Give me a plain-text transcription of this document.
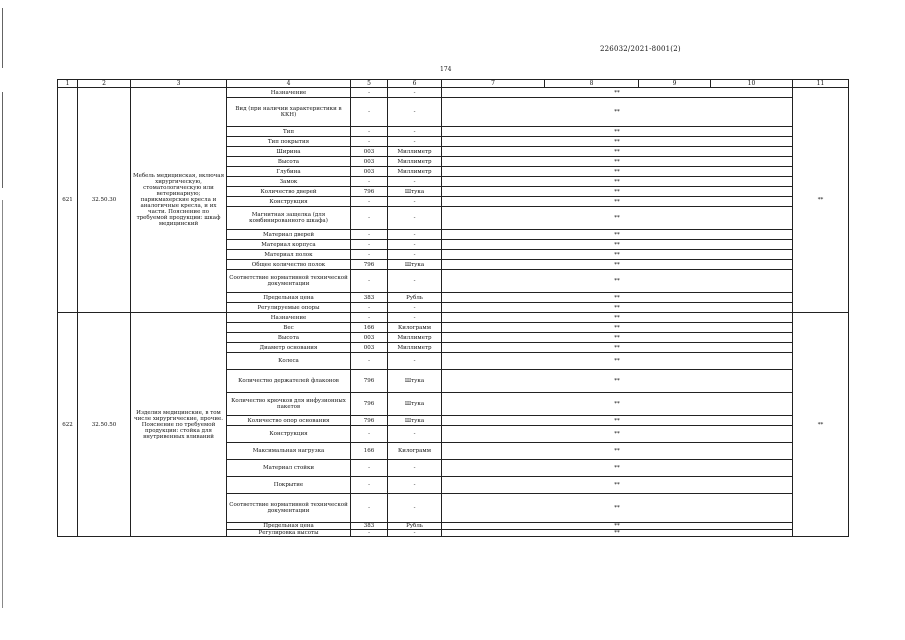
226032/2021-8001(2)
174
1	2	3	4	5	6	7	8	9	10	11
621	32.50.30	Мебель медицинская, включая хирургическую, стоматологическую или ветеринарную; парикмахерские кресла и аналогичные кресла, и их части. Пояснение по требуемой продукции: шкаф медицинский	Назначение	-	-	**				**
			Вид (при наличии характеристики в ККН)	-	-	**				
			Тип	-	-	**				
			Тип покрытия	-	-	**				
			Ширина	003	Миллиметр	**				
			Высота	003	Миллиметр	**				
			Глубина	003	Миллиметр	**				
			Замок	-	-	**				
			Количество дверей	796	Штука	**				
			Конструкция	-	-	**				
			Магнитная защелка (для комбинированного шкафа)	-	-	**				
			Материал дверей	-	-	**				
			Материал корпуса	-	-	**				
			Материал полок	-	-	**				
			Общее количество полок	796	Штука	**				
			Соответствие нормативной технической документации	-	-	**				
			Предельная цена	383	Рубль	**				
			Регулируемые опоры	-	-	**				
622	32.50.50	Изделия медицинские, в том числе хирургические, прочие. Пояснение по требуемой продукции: стойка для внутривенных вливаний	Назначение	-	-	**				**
			Вес	166	Килограмм	**				
			Высота	003	Миллиметр	**				
			Диаметр основания	003	Миллиметр	**				
			Колеса	-	-	**				
			Количество держателей флаконов	796	Штука	**				
			Количество крючков для инфузионных пакетов	796	Штука	**				
			Количество опор основания	796	Штука	**				
			Конструкция	-	-	**				
			Максимальная нагрузка	166	Килограмм	**				
			Материал стойки	-	-	**				
			Покрытие	-	-	**				
			Соответствие нормативной технической документации	-	-	**				
			Предельная цена	383	Рубль	**				
			Регулировка высоты	-	-	**				
